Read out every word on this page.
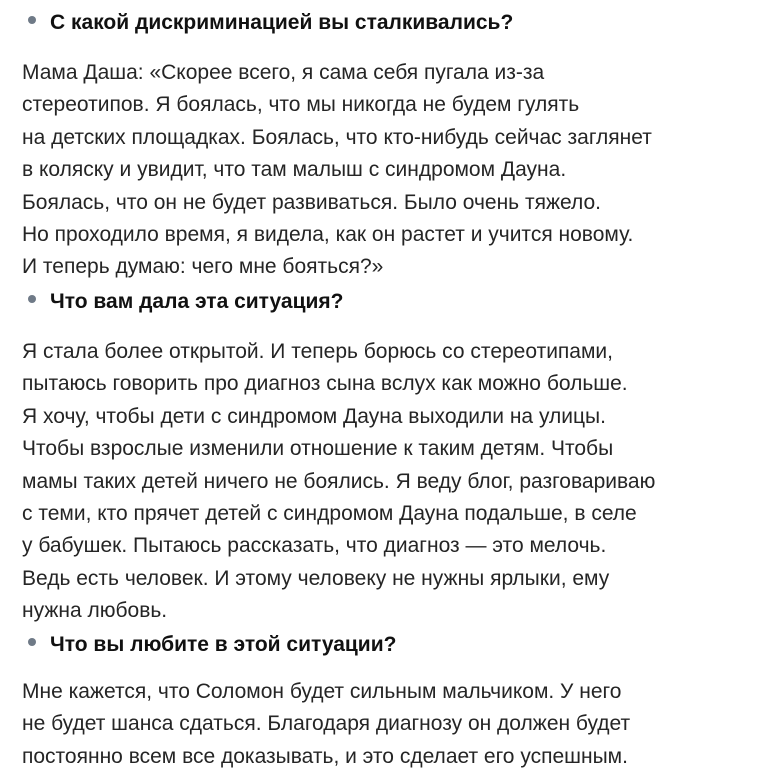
С какой дискриминацией вы сталкивались?
Мама Даша: «Скорее всего, я сама себя пугала из-за
стереотипов. Я боялась, что мы никогда не будем гулять
на детских площадках. Боялась, что кто-нибудь сейчас заглянет
в коляску и увидит, что там малыш с синдромом Дауна.
Боялась, что он не будет развиваться. Было очень тяжело.
Но проходило время, я видела, как он растет и учится новому.
И теперь думаю: чего мне бояться?»
Что вам дала эта ситуация?
Я стала более открытой. И теперь борюсь со стереотипами,
пытаюсь говорить про диагноз сына вслух как можно больше.
Я хочу, чтобы дети с синдромом Дауна выходили на улицы.
Чтобы взрослые изменили отношение к таким детям. Чтобы
мамы таких детей ничего не боялись. Я веду блог, разговариваю
с теми, кто прячет детей с синдромом Дауна подальше, в селе
у бабушек. Пытаюсь рассказать, что диагноз — это мелочь.
Ведь есть человек. И этому человеку не нужны ярлыки, ему
нужна любовь.
Что вы любите в этой ситуации?
Мне кажется, что Соломон будет сильным мальчиком. У него
не будет шанса сдаться. Благодаря диагнозу он должен будет
постоянно всем все доказывать, и это сделает его успешным.
